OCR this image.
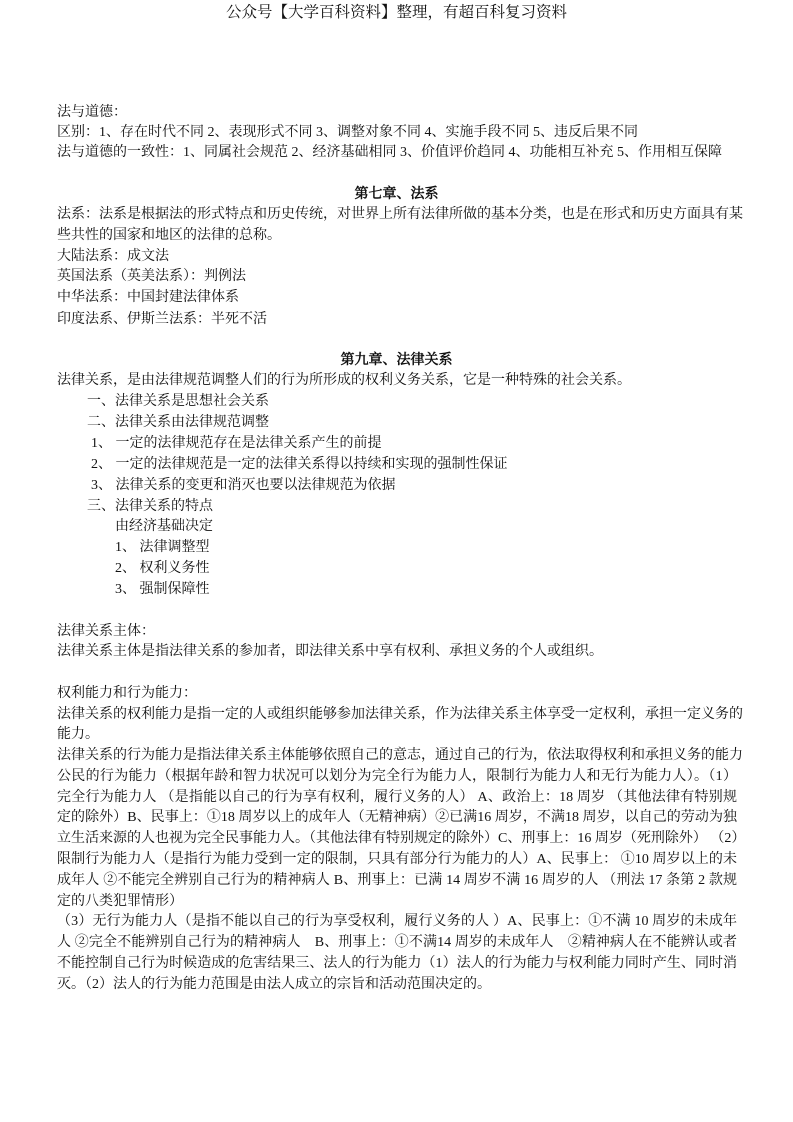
公众号【大学百科资料】整理，有超百科复习资料
法与道德：
区别：1、存在时代不同 2、表现形式不同 3、调整对象不同 4、实施手段不同 5、违反后果不同
法与道德的一致性：1、同属社会规范 2、经济基础相同 3、价值评价趋同 4、功能相互补充 5、作用相互保障
第七章、法系
法系：法系是根据法的形式特点和历史传统，对世界上所有法律所做的基本分类，也是在形式和历史方面具有某
些共性的国家和地区的法律的总称。
大陆法系：成文法
英国法系（英美法系）：判例法
中华法系：中国封建法律体系
印度法系、伊斯兰法系：半死不活
第九章、法律关系
法律关系，是由法律规范调整人们的行为所形成的权利义务关系，它是一种特殊的社会关系。
一、法律关系是思想社会关系
二、法律关系由法律规范调整
1、 一定的法律规范存在是法律关系产生的前提
2、 一定的法律规范是一定的法律关系得以持续和实现的强制性保证
3、 法律关系的变更和消灭也要以法律规范为依据
三、法律关系的特点
由经济基础决定
1、 法律调整型
2、 权利义务性
3、 强制保障性
法律关系主体：
法律关系主体是指法律关系的参加者，即法律关系中享有权利、承担义务的个人或组织。
权利能力和行为能力：
法律关系的权利能力是指一定的人或组织能够参加法律关系，作为法律关系主体享受一定权利，承担一定义务的
能力。
法律关系的行为能力是指法律关系主体能够依照自己的意志，通过自己的行为，依法取得权利和承担义务的能力
公民的行为能力（根据年龄和智力状况可以划分为完全行为能力人，限制行为能力人和无行为能力人）。（1）
完全行为能力人 （是指能以自己的行为享有权利，履行义务的人） A、政治上：18 周岁 （其他法律有特别规
定的除外）B、民事上：①18 周岁以上的成年人（无精神病）②已满16 周岁，不满18 周岁，以自己的劳动为独
立生活来源的人也视为完全民事能力人。（其他法律有特别规定的除外）C、刑事上：16 周岁（死刑除外） （2）
限制行为能力人（是指行为能力受到一定的限制，只具有部分行为能力的人）A、民事上： ①10 周岁以上的未
成年人 ②不能完全辨别自己行为的精神病人 B、刑事上：已满 14 周岁不满 16 周岁的人 （刑法 17 条第 2 款规
定的八类犯罪情形）
（3）无行为能力人（是指不能以自己的行为享受权利，履行义务的人 ）A、民事上：①不满 10 周岁的未成年
人 ②完全不能辨别自己行为的精神病人　B、刑事上：①不满14 周岁的未成年人　②精神病人在不能辨认或者
不能控制自己行为时候造成的危害结果三、法人的行为能力（1）法人的行为能力与权利能力同时产生、同时消
灭。（2）法人的行为能力范围是由法人成立的宗旨和活动范围决定的。
